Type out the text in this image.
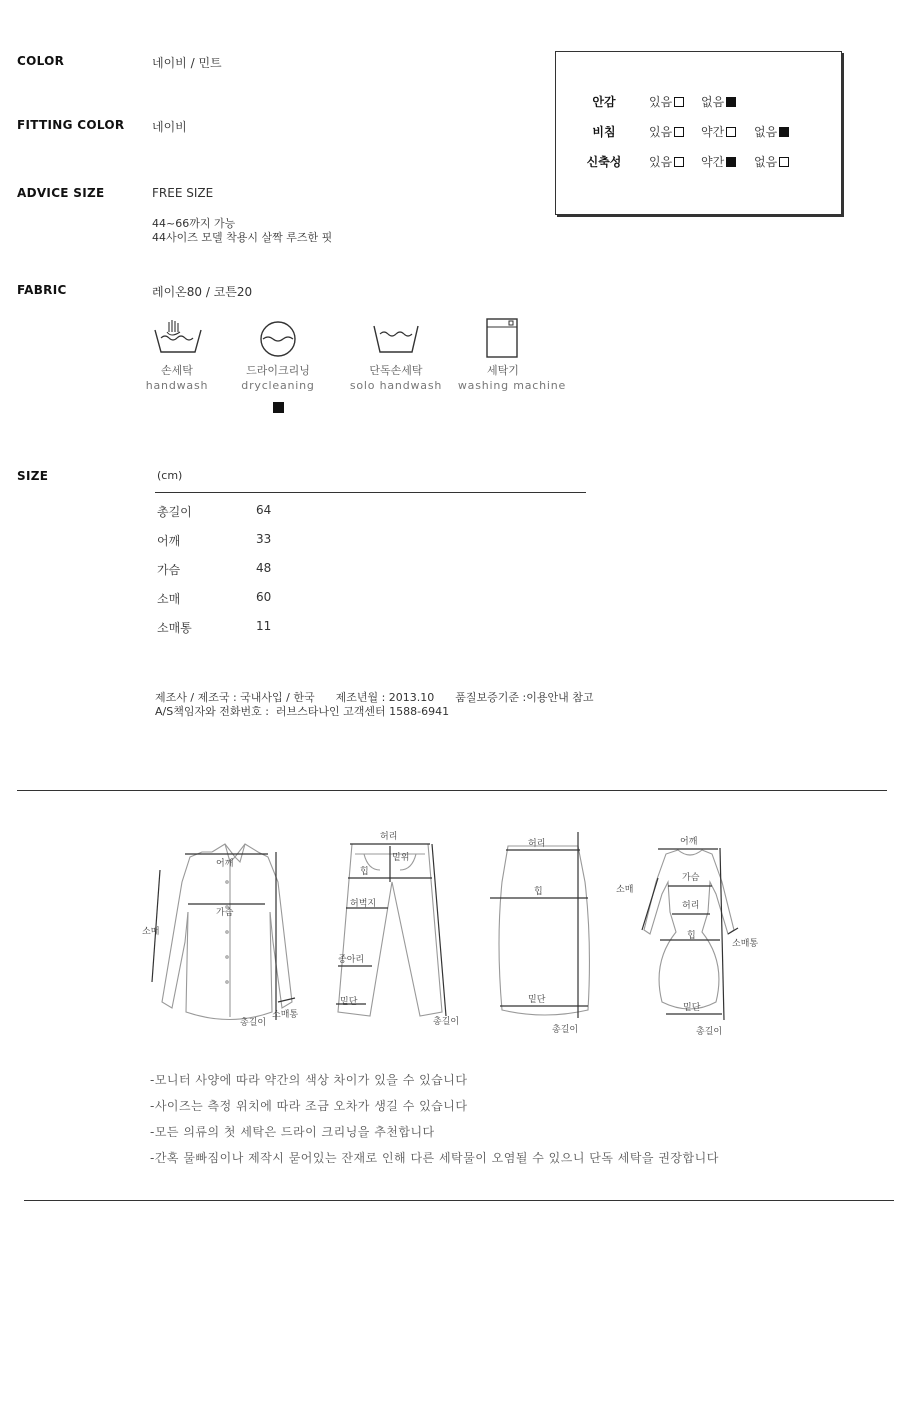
COLOR	네이비 / 민트
FITTING COLOR 네이비
ADVICE SIZE	FREE SIZE
44~66까지 가능
44사이즈 모델 착용시 살짝 루즈한 핏
FABRIC	레이온80 / 코튼20
안감	있음	없음
비침	있음	약간	없음
신축성	있음	약간	없음
손세탁
handwash
드라이크리닝
drycleaning
단독손세탁
solo handwash
세탁기
washing machine
SIZE	(cm)
총길이	64
어깨	33
가슴	48
소매	60
소매통	11
제조사 / 제조국 : 국내사입 / 한국      제조년월 : 2013.10      품질보증기준 :이용안내 참고
A/S책임자와 전화번호 :  러브스타나인 고객센터 1588-6941
어깨
가슴
소매
총길이
소매통
허리
힙
밑위
허벅지
종아리
밑단
총길이
허리
힙
밑단
총길이
어깨
가슴
허리
힙
소매
소매통
밑단
총길이
-모니터 사양에 따라 약간의 색상 차이가 있을 수 있습니다
-사이즈는 측정 위치에 따라 조금 오차가 생길 수 있습니다
-모든 의류의 첫 세탁은 드라이 크리닝을 추천합니다
-간혹 물빠짐이나 제작시 묻어있는 잔재로 인해 다른 세탁물이 오염될 수 있으니 단독 세탁을 권장합니다
